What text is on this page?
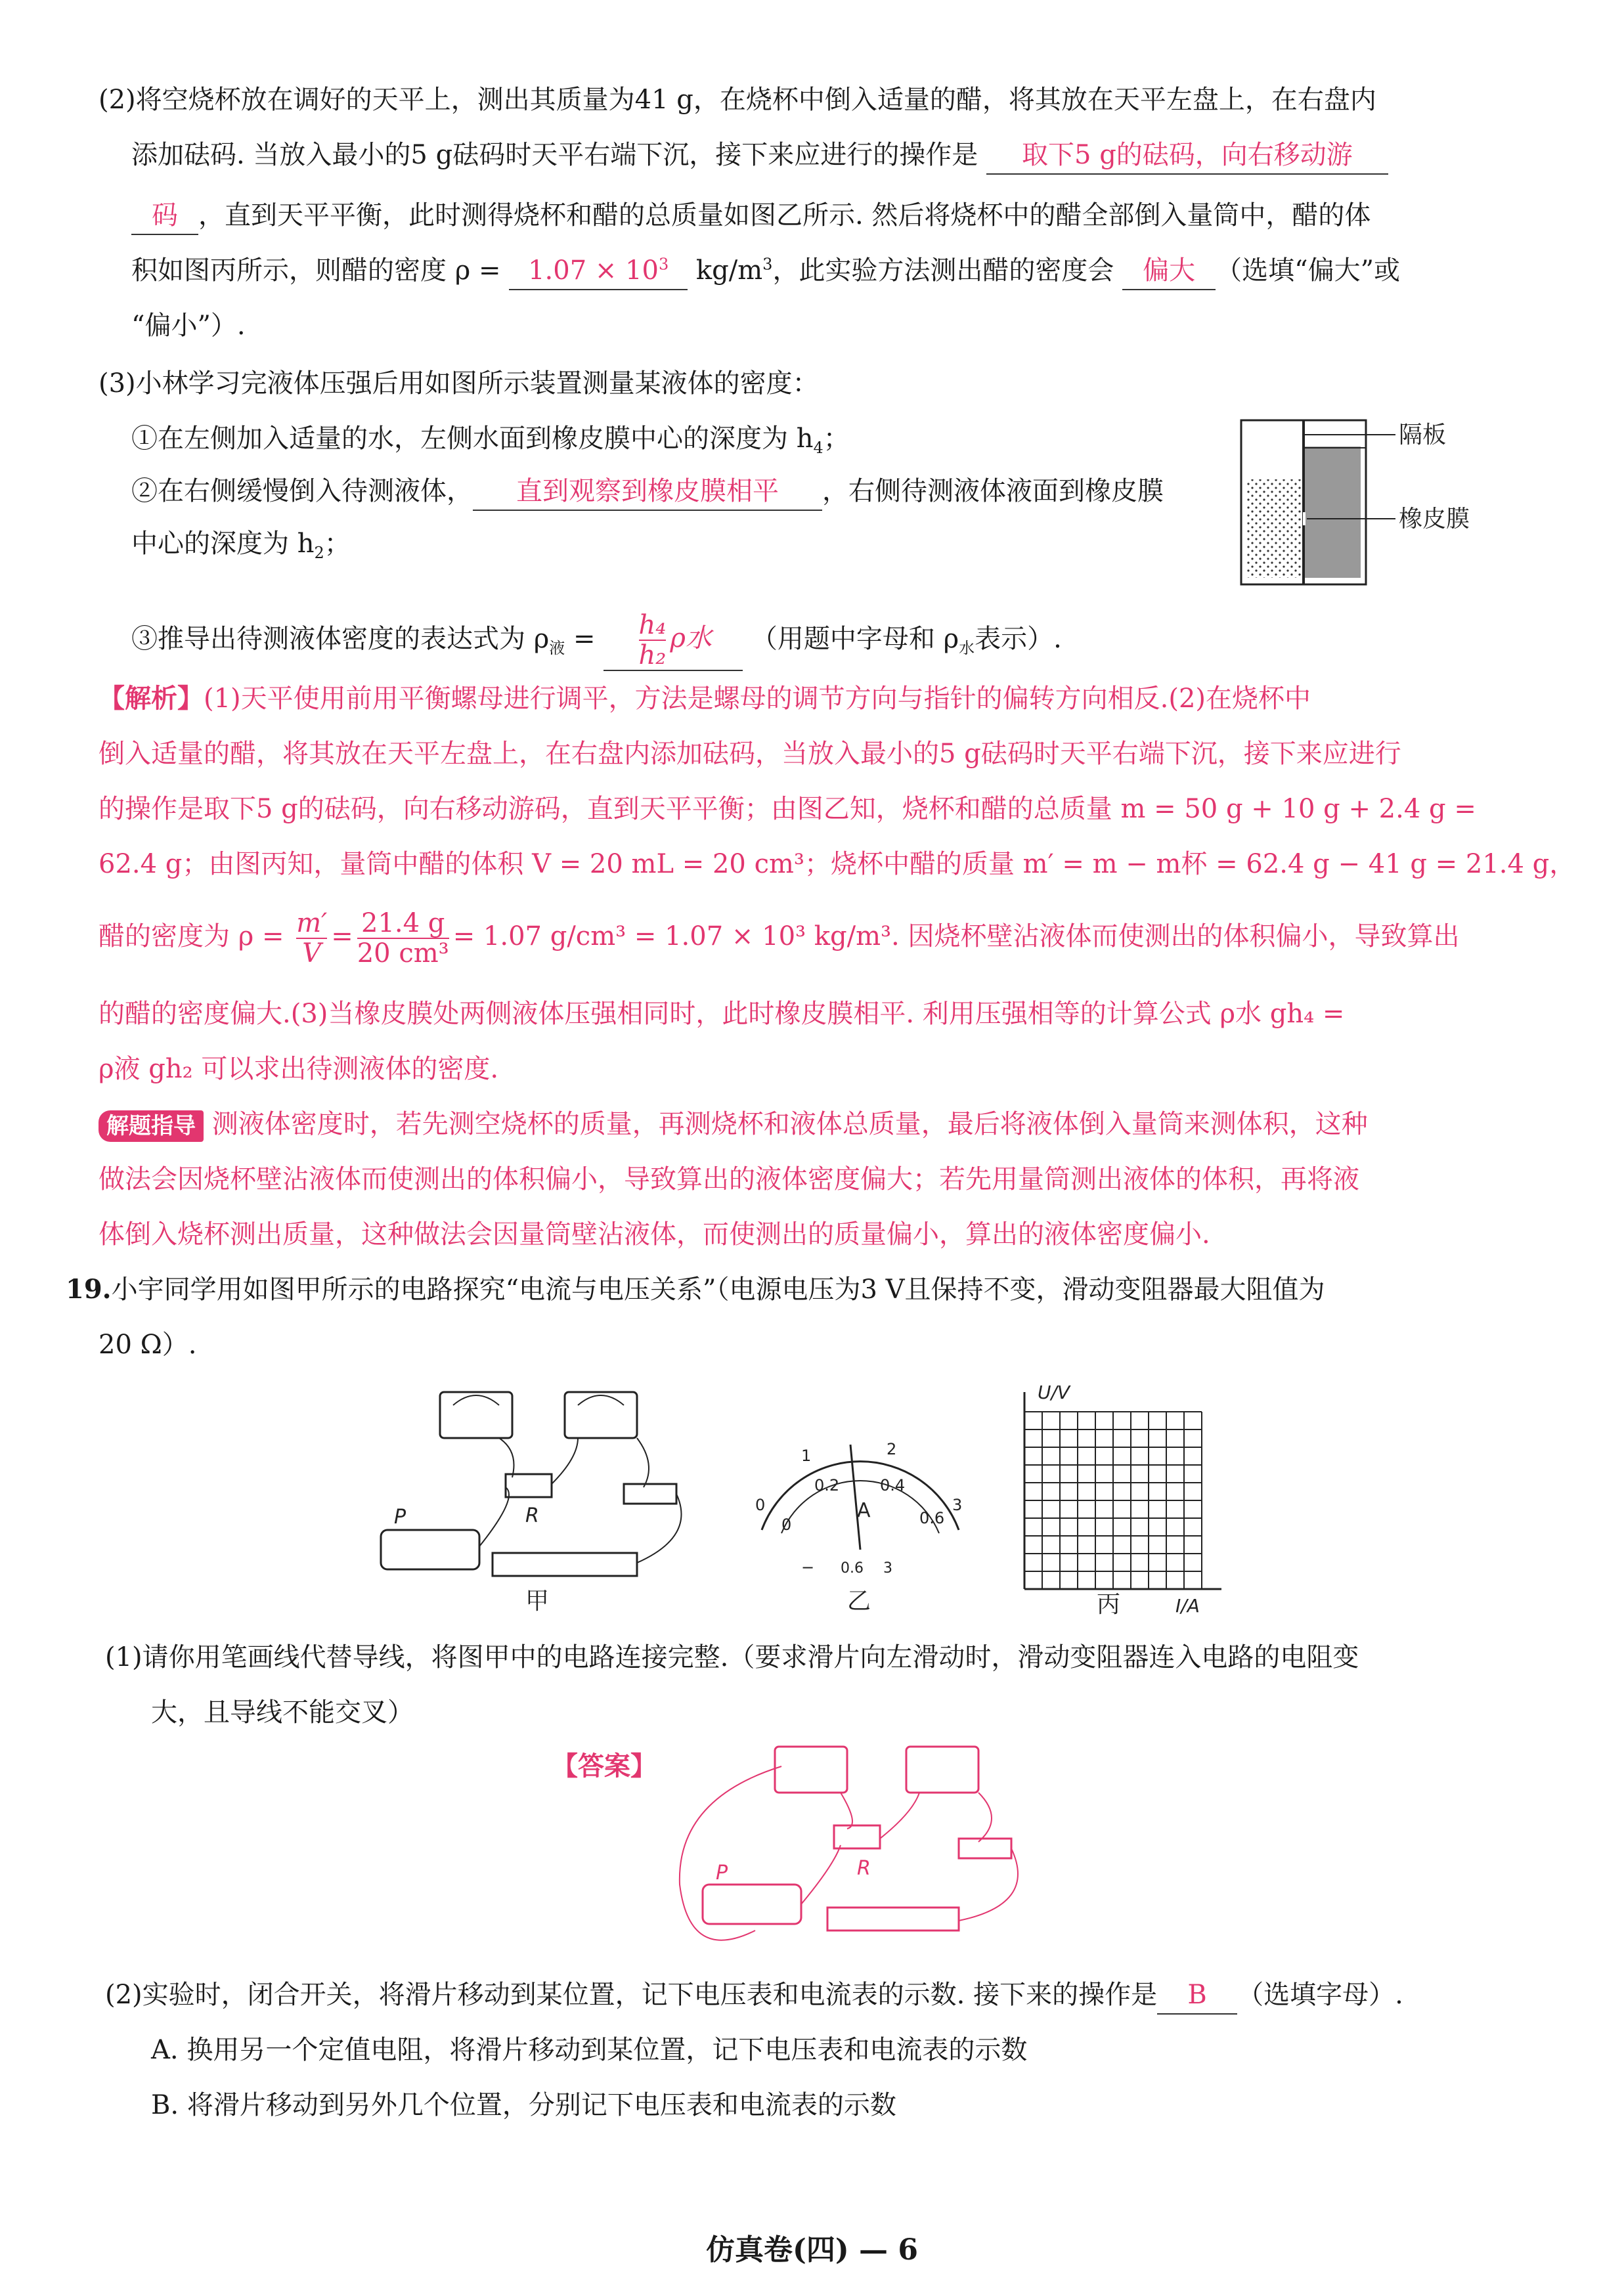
(2)将空烧杯放在调好的天平上，测出其质量为41 g，在烧杯中倒入适量的醋，将其放在天平左盘上，在右盘内
添加砝码. 当放入最小的5 g砝码时天平右端下沉，接下来应进行的操作是 取下5 g的砝码，向右移动游
码 ，直到天平平衡，此时测得烧杯和醋的总质量如图乙所示. 然后将烧杯中的醋全部倒入量筒中，醋的体
积如图丙所示，则醋的密度 $\rho = 1.07 \times 10^3$ $kg/m^3$，此实验方法测出醋的密度会 偏大 （选填“偏大”或
“偏小”）.
(3)小林学习完液体压强后用如图所示装置测量某液体的密度：
①在左侧加入适量的水，左侧水面到橡皮膜中心的深度为 $h_4$；
②在右侧缓慢倒入待测液体， 直到观察到橡皮膜相平 ，右侧待测液体液面到橡皮膜
中心的深度为 $h_2$；
③推导出待测液体密度的表达式为 $\rho_液 = \frac{\text{h₄}}{\text{h₂}}$ ρ水 （用题中字母和 $\rho_水$表示）.
隔板
橡皮膜
【解析】(1)天平使用前用平衡螺母进行调平，方法是螺母的调节方向与指针的偏转方向相反.(2)在烧杯中
倒入适量的醋，将其放在天平左盘上，在右盘内添加砝码，当放入最小的5 g砝码时天平右端下沉，接下来应进行
的操作是取下5 g的砝码，向右移动游码，直到天平平衡；由图乙知，烧杯和醋的总质量 m = 50 g + 10 g + 2.4 g =
62.4 g；由图丙知，量筒中醋的体积 V = 20 mL = 20 cm³；烧杯中醋的质量 m′ = m − m杯 = 62.4 g − 41 g = 21.4 g，
醋的密度为 $\rho = \frac{m'}{V} = \frac{21.4 g}{\text{20 cm³}} = 1.07$ g/cm³ = 1.07 × 10³ kg/m³. 因烧杯壁沾液体而使测出的体积偏小，导致算出
的醋的密度偏大.(3)当橡皮膜处两侧液体压强相同时，此时橡皮膜相平. 利用压强相等的计算公式 ρ水 gh₄ =
ρ液 gh₂ 可以求出待测液体的密度.
解题指导 测液体密度时，若先测空烧杯的质量，再测烧杯和液体总质量，最后将液体倒入量筒来测体积，这种
做法会因烧杯壁沾液体而使测出的体积偏小，导致算出的液体密度偏大；若先用量筒测出液体的体积，再将液
体倒入烧杯测出质量，这种做法会因量筒壁沾液体，而使测出的质量偏小，算出的液体密度偏小.
19.小宇同学用如图甲所示的电路探究“电流与电压关系”（电源电压为3 V且保持不变，滑动变阻器最大阻值为
20 Ω）.
R
P
甲
0
1	2
3
0
0.2	0.4
0.6
A
− 0.6 3
乙
U/V
I/A
丙
(1)请你用笔画线代替导线，将图甲中的电路连接完整.（要求滑片向左滑动时，滑动变阻器连入电路的电阻变
大，且导线不能交叉）
【答案】
R
P
(2)实验时，闭合开关，将滑片移动到某位置，记下电压表和电流表的示数. 接下来的操作是 B （选填字母）.
A. 换用另一个定值电阻，将滑片移动到某位置，记下电压表和电流表的示数
B. 将滑片移动到另外几个位置，分别记下电压表和电流表的示数
仿真卷(四) — 6
